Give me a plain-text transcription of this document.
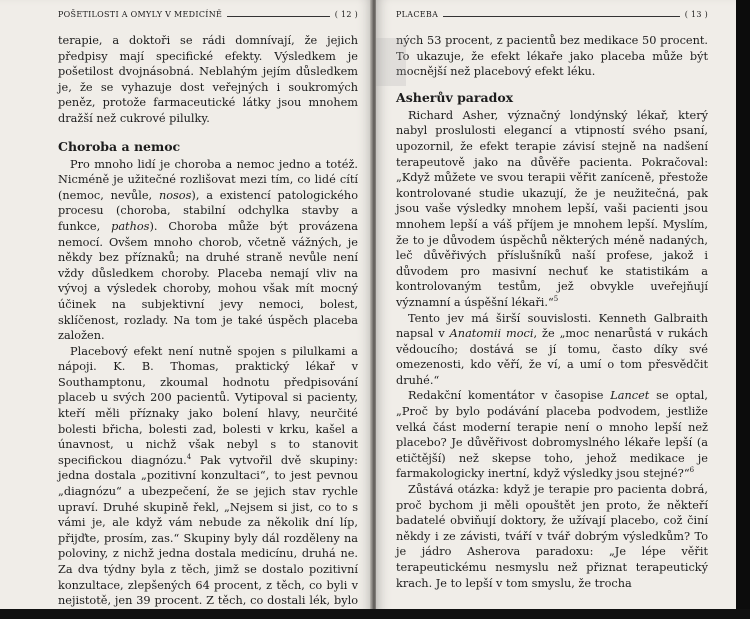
POŠETILOSTI A OMYLY V MEDICÍNĚ	( 12 )

terapie, a doktoři se rádi domnívají, že jejich předpisy mají specifické efekty. Výsledkem je pošetilost dvojnásobná. Neblahým jejím důsledkem je, že se vyhazuje dost veřejných i soukromých peněz, protože farmaceutické látky jsou mnohem dražší než cukrové pilulky.

Choroba a nemoc

Pro mnoho lidí je choroba a nemoc jedno a totéž. Nicméně je užitečné rozlišovat mezi tím, co lidé cítí (nemoc, nevůle, nosos), a existencí patologického procesu (choroba, stabilní odchylka stavby a funkce, pathos). Choroba může být provázena nemocí. Ovšem mnoho chorob, včetně vážných, je někdy bez příznaků; na druhé straně nevůle není vždy důsledkem choroby. Placeba nemají vliv na vývoj a výsledek choroby, mohou však mít mocný účinek na subjektivní jevy nemoci, bolest, sklíčenost, rozlady. Na tom je také úspěch placeba založen.

Placebový efekt není nutně spojen s pilulkami a nápoji. K. B. Thomas, praktický lékař v Southamptonu, zkoumal hodnotu předpisování placeb u svých 200 pacientů. Vytipoval si pacienty, kteří měli příznaky jako bolení hlavy, neurčité bolesti břicha, bolesti zad, bolesti v krku, kašel a únavnost, u nichž však nebyl s to stanovit specifickou diagnózu.$^4$ Pak vytvořil dvě skupiny: jedna dostala „pozitivní konzultaci“, to jest pevnou „diagnózu“ a ubezpečení, že se jejich stav rychle upraví. Druhé skupině řekl, „Nejsem si jist, co to s vámi je, ale když vám nebude za několik dní líp, přijďte, prosím, zas.“ Skupiny byly dál rozděleny na poloviny, z nichž jedna dostala medicínu, druhá ne. Za dva týdny byla z těch, jimž se dostalo pozitivní konzultace, zlepšených 64 procent, z těch, co byli v nejistotě, jen 39 procent. Z těch, co dostali lék, bylo

PLACEBA	( 13 )

ných 53 procent, z pacientů bez medikace 50 procent. To ukazuje, že efekt lékaře jako placeba může být mocnější než placebový efekt léku.

Asherův paradox

Richard Asher, význačný londýnský lékař, který nabyl proslulosti elegancí a vtipností svého psaní, upozornil, že efekt terapie závisí stejně na nadšení terapeutově jako na důvěře pacienta. Pokračoval: „Když můžete ve svou terapii věřit zaníceně, přestože kontrolované studie ukazují, že je neužitečná, pak jsou vaše výsledky mnohem lepší, vaši pacienti jsou mnohem lepší a váš příjem je mnohem lepší. Myslím, že to je důvodem úspěchů některých méně nadaných, leč důvěřivých příslušníků naší profese, jakož i důvodem pro masivní nechuť ke statistikám a kontrolovaným testům, jež obvykle uveřejňují významní a úspěšní lékaři.“$^5$

Tento jev má širší souvislosti. Kenneth Galbraith napsal v Anatomii moci, že „moc nenarůstá v rukách vědoucího; dostává se jí tomu, často díky své omezenosti, kdo věří, že ví, a umí o tom přesvědčit druhé.“

Redakční komentátor v časopise Lancet se optal, „Proč by bylo podávání placeba podvodem, jestliže velká část moderní terapie není o mnoho lepší než placebo? Je důvěřivost dobromyslného lékaře lepší (a etičtější) než skepse toho, jehož medikace je farmakologicky inertní, když výsledky jsou stejné?“$^6$

Zůstává otázka: když je terapie pro pacienta dobrá, proč bychom ji měli opouštět jen proto, že někteří badatelé obviňují doktory, že užívají placebo, což činí někdy i ze závisti, tváří v tvář dobrým výsledkům? To je jádro Asherova paradoxu: „Je lépe věřit terapeutickému nesmyslu než přiznat terapeutický krach. Je to lepší v tom smyslu, že trocha
